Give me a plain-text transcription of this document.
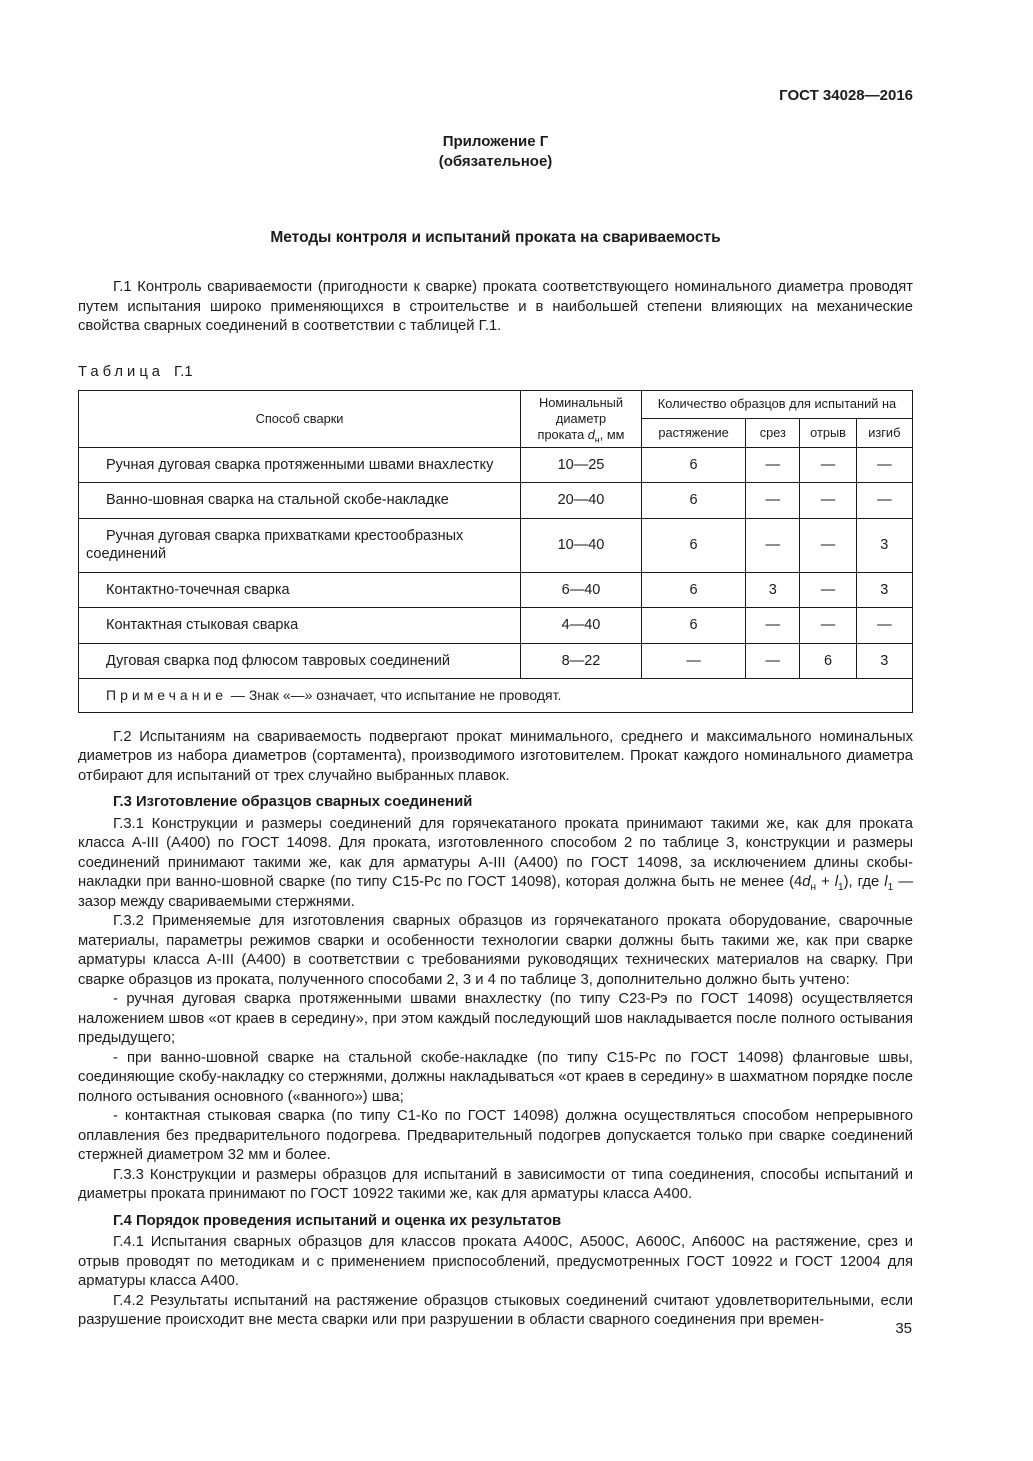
ГОСТ 34028—2016
Приложение Г
(обязательное)
Методы контроля и испытаний проката на свариваемость

Г.1 Контроль свариваемости (пригодности к сварке) проката соответствующего номинального диаметра проводят путем испытания широко применяющихся в строительстве и в наибольшей степени влияющих на механические свойства сварных соединений в соответствии с таблицей Г.1.

Таблица Г.1
Способ сварки	Номинальный
диаметр
проката $d_н$, мм	Количество образцов для испытаний на			
		растяжение	срез	отрыв	изгиб
Ручная дуговая сварка протяженными швами внахлестку	10—25	6	—	—	—
Ванно-шовная сварка на стальной скобе-накладке	20—40	6	—	—	—
Ручная дуговая сварка прихватками крестообразных соединений	10—40	6	—	—	3
Контактно-точечная сварка	6—40	6	3	—	3
Контактная стыковая сварка	4—40	6	—	—	—
Дуговая сварка под флюсом тавровых соединений	8—22	—	—	6	3
Примечание — Знак «—» означает, что испытание не проводят.					

Г.2 Испытаниям на свариваемость подвергают прокат минимального, среднего и максимального номинальных диаметров из набора диаметров (сортамента), производимого изготовителем. Прокат каждого номинального диаметра отбирают для испытаний от трех случайно выбранных плавок.

Г.3 Изготовление образцов сварных соединений

Г.3.1 Конструкции и размеры соединений для горячекатаного проката принимают такими же, как для проката класса А-III (А400) по ГОСТ 14098. Для проката, изготовленного способом 2 по таблице 3, конструкции и размеры соединений принимают такими же, как для арматуры А-III (А400) по ГОСТ 14098, за исключением длины скобы-накладки при ванно-шовной сварке (по типу С15-Рс по ГОСТ 14098), которая должна быть не менее $(4d_н + l_1)$, где $l_1$ — зазор между свариваемыми стержнями.

Г.3.2 Применяемые для изготовления сварных образцов из горячекатаного проката оборудование, сварочные материалы, параметры режимов сварки и особенности технологии сварки должны быть такими же, как при сварке арматуры класса А-III (А400) в соответствии с требованиями руководящих технических материалов на сварку. При сварке образцов из проката, полученного способами 2, 3 и 4 по таблице 3, дополнительно должно быть учтено:

- ручная дуговая сварка протяженными швами внахлестку (по типу С23-Рэ по ГОСТ 14098) осуществляется наложением швов «от краев в середину», при этом каждый последующий шов накладывается после полного остывания предыдущего;

- при ванно-шовной сварке на стальной скобе-накладке (по типу С15-Рс по ГОСТ 14098) фланговые швы, соединяющие скобу-накладку со стержнями, должны накладываться «от краев в середину» в шахматном порядке после полного остывания основного («ванного») шва;

- контактная стыковая сварка (по типу С1-Ко по ГОСТ 14098) должна осуществляться способом непрерывного оплавления без предварительного подогрева. Предварительный подогрев допускается только при сварке соединений стержней диаметром 32 мм и более.

Г.3.3 Конструкции и размеры образцов для испытаний в зависимости от типа соединения, способы испытаний и диаметры проката принимают по ГОСТ 10922 такими же, как для арматуры класса А400.

Г.4 Порядок проведения испытаний и оценка их результатов

Г.4.1 Испытания сварных образцов для классов проката А400С, А500С, А600С, Ап600С на растяжение, срез и отрыв проводят по методикам и с применением приспособлений, предусмотренных ГОСТ 10922 и ГОСТ 12004 для арматуры класса А400.

Г.4.2 Результаты испытаний на растяжение образцов стыковых соединений считают удовлетворительными, если разрушение происходит вне места сварки или при разрушении в области сварного соединения при времен-	35
